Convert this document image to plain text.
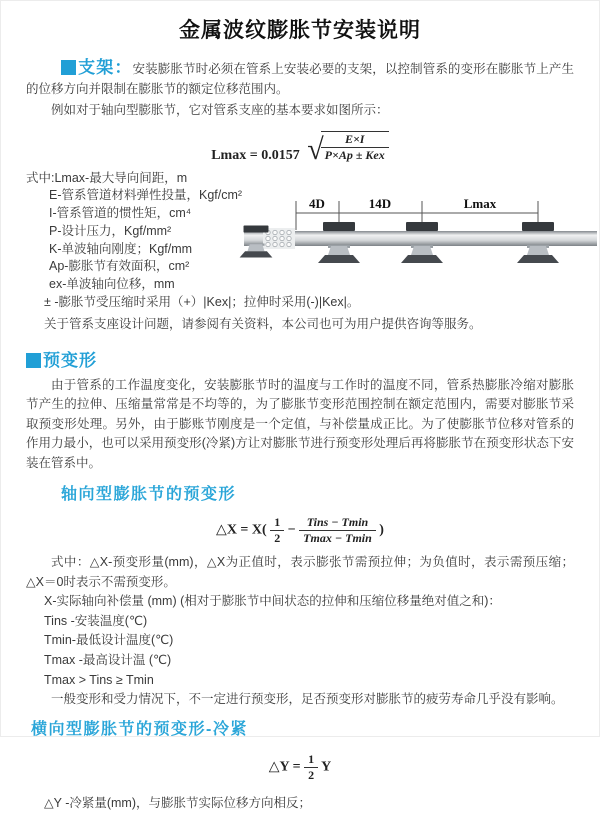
金属波纹膨胀节安装说明

支架：安装膨胀节时必须在管系上安装必要的支架，以控制管系的变形在膨胀节上产生的位移方向并限制在膨胀节的额定位移范围内。

例如对于轴向型膨胀节，它对管系支座的基本要求如图所示：

Lmax = 0.0157 √
$\frac{E\times I}{\text{P×Ap ± Kex}}$
式中:Lmax-最大导向间距，m
E-管系管道材料弹性投量，Kgf/cm²
I-管系管道的惯性矩，cm⁴
P-设计压力，Kgf/mm²
K-单波轴向刚度；Kgf/mm
Ap-膨胀节有效面积，cm²
ex-单波轴向位移，mm
± -膨胀节受压缩时采用（+）|Kex|；拉伸时采用(-)|Kex|。
关于管系支座设计问题，请参阅有关资料，本公司也可为用户提供咨询等服务。
4D	14D	Lmax
预变形

由于管系的工作温度变化，安装膨胀节时的温度与工作时的温度不同，管系热膨胀冷缩对膨胀节产生的拉伸、压缩量常常是不均等的，为了膨胀节变形范围控制在额定范围内，需要对膨胀节采取预变形处理。另外，由于膨账节刚度是一个定值，与补偿量成正比。为了使膨胀节位移对管系的作用力最小，也可以采用预变形(冷紧)方让对膨胀节进行预变形处理后再将膨胀节在预变形状态下安装在管系中。

轴向型膨胀节的预变形
△X = $X( \frac{1}{2} - \frac{\text{Tins − Tmin}}{Tmax - Tmin}$ )

式中：△X-预变形量(mm)，△X为正值时，表示膨张节需预拉伸；为负值时，表示需预压缩；△X＝0时表示不需预变形。

X-实际轴向补偿量 (mm) (相对于膨胀节中间状态的拉伸和压缩位移量绝对值之和)：
Tins -安装温度(℃)
Tmin-最低设计温度(℃)
Tmax -最高设计温 (℃)
Tmax > Tins ≥ Tmin
一般变形和受力情况下，不一定进行预变形，足否预变形对膨胀节的疲劳寿命几乎没有影响。
横向型膨胀节的预变形-冷紧
△Y = $\frac{1}{2}$ Y
△Y -冷紧量(mm)，与膨胀节实际位移方向相反；
